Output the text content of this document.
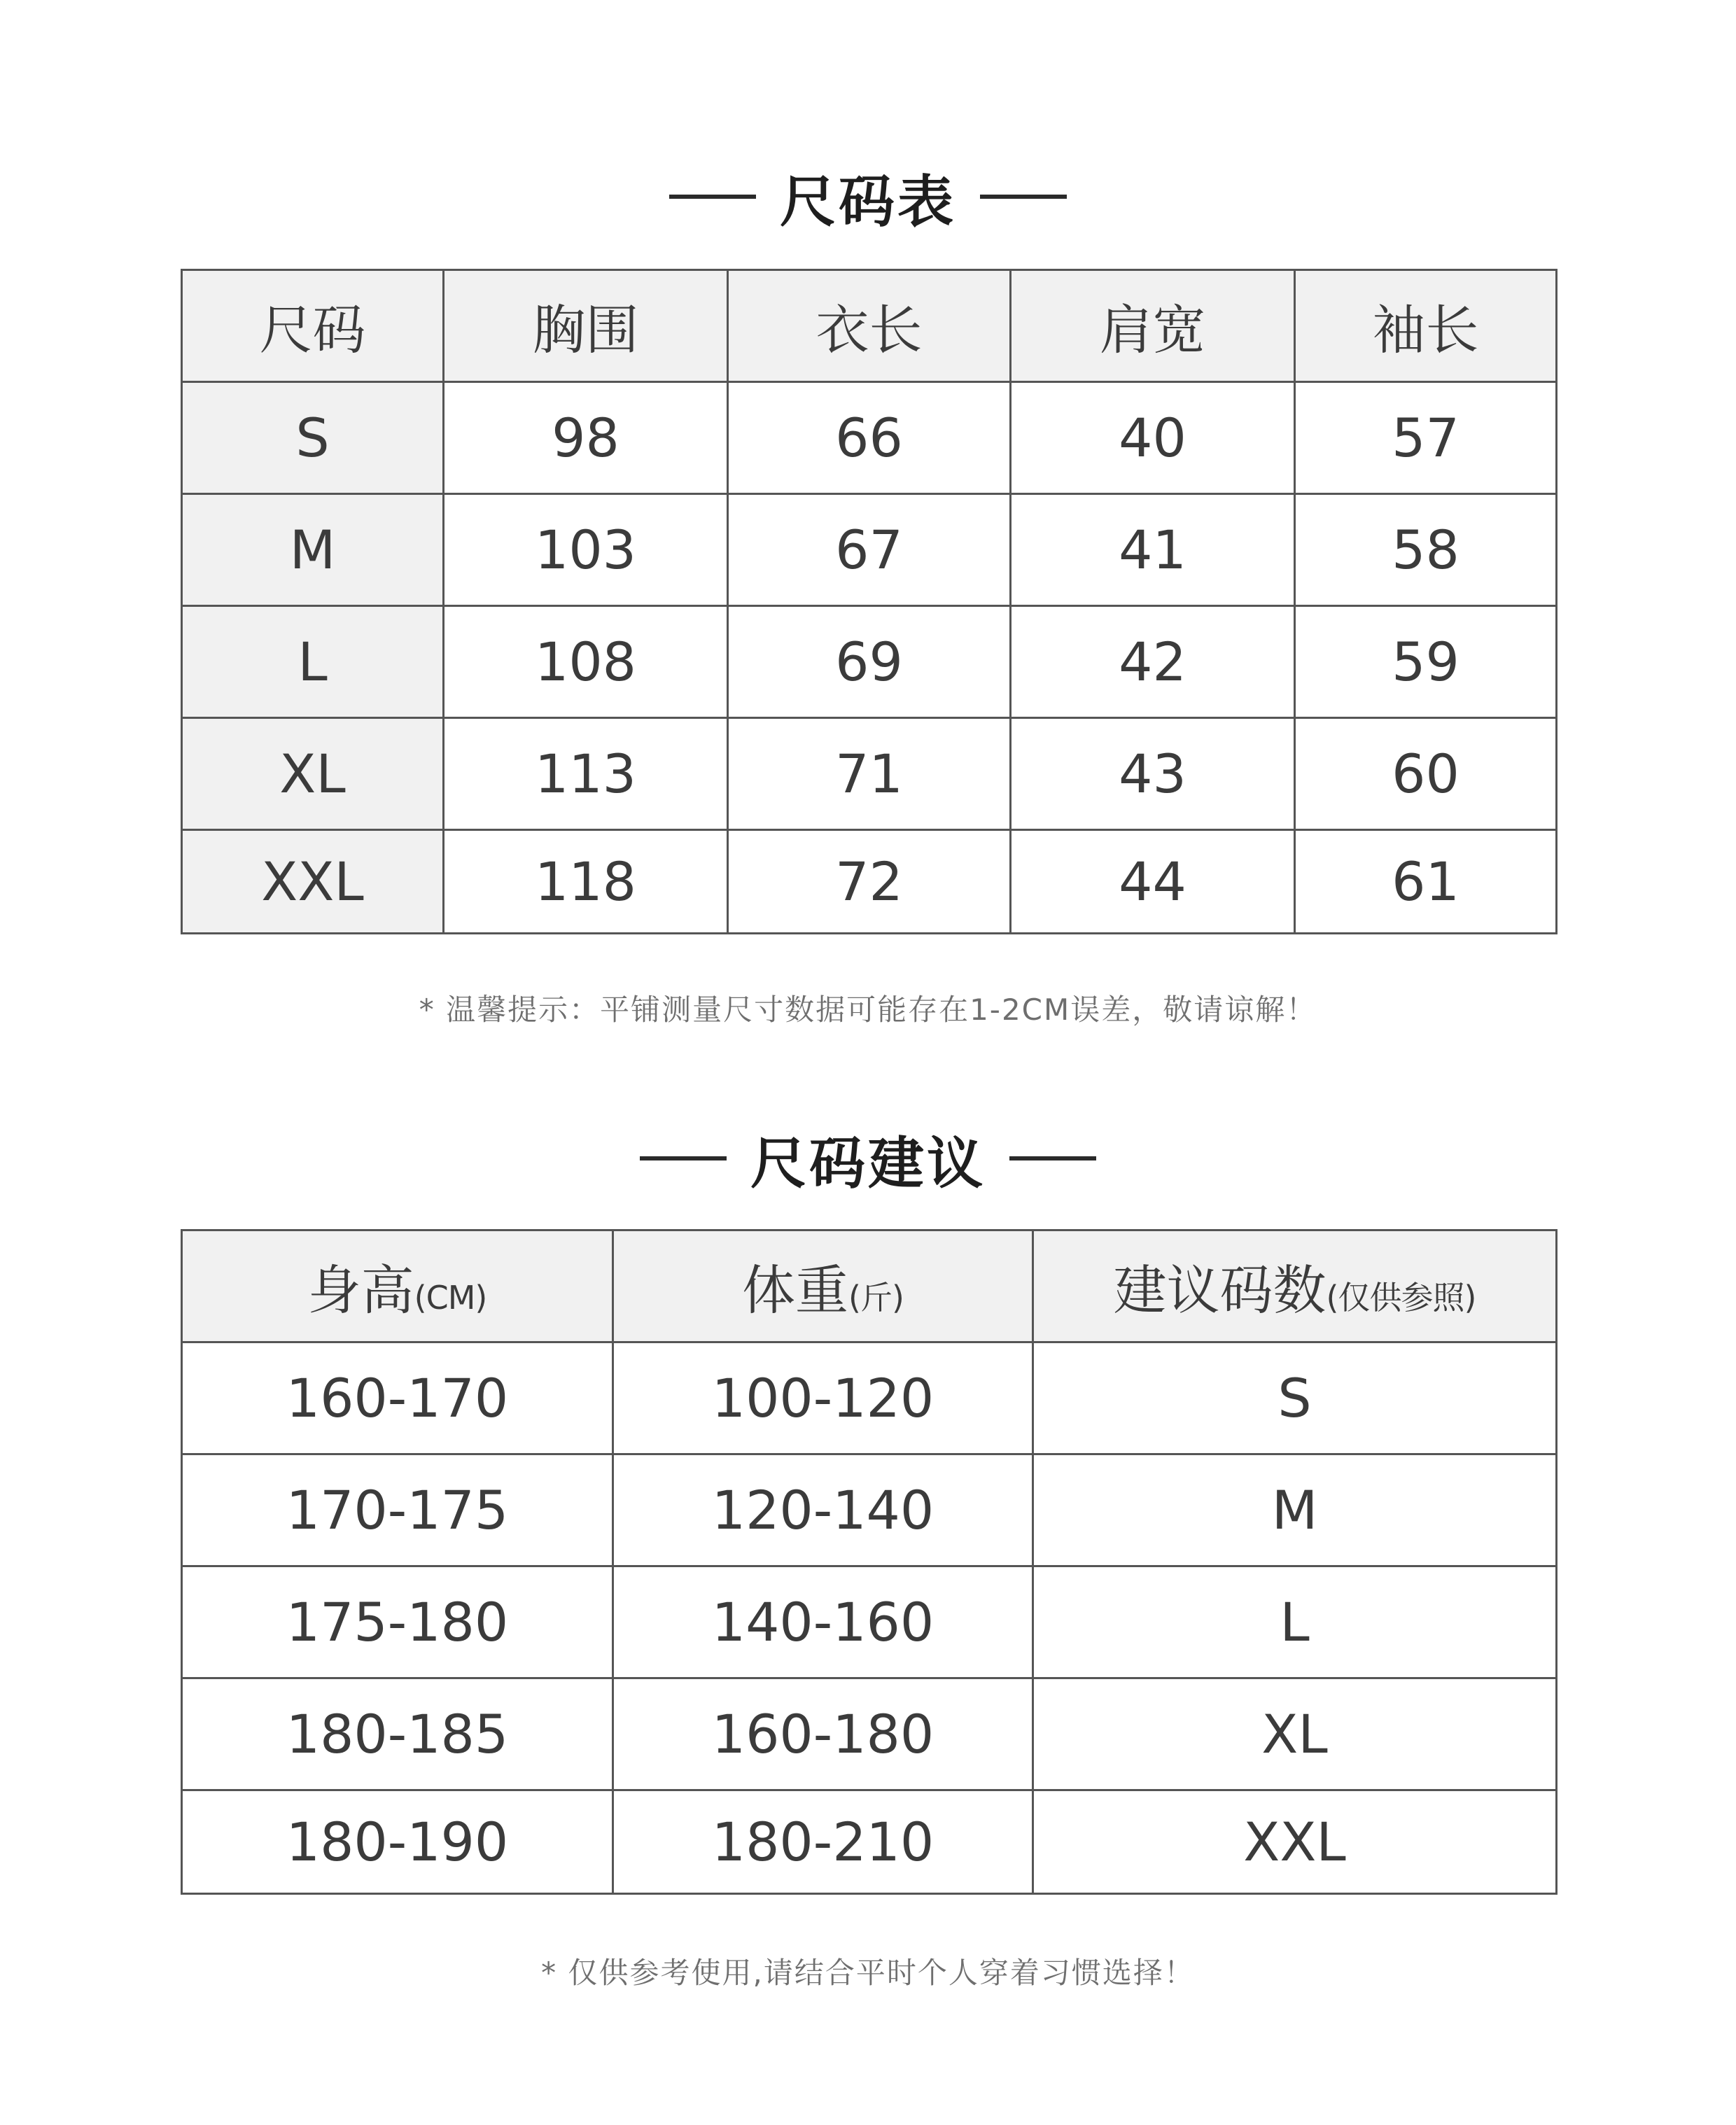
尺码表
尺码	胸围	衣长	肩宽	袖长
S	98	66	40	57
M	103	67	41	58
L	108	69	42	59
XL	113	71	43	60
XXL	118	72	44	61
* 温馨提示：平铺测量尺寸数据可能存在1-2CM误差，敬请谅解！
尺码建议
身高(CM)	体重(斤)	建议码数(仅供参照)
160-170	100-120	S
170-175	120-140	M
175-180	140-160	L
180-185	160-180	XL
180-190	180-210	XXL
* 仅供参考使用,请结合平时个人穿着习惯选择！
